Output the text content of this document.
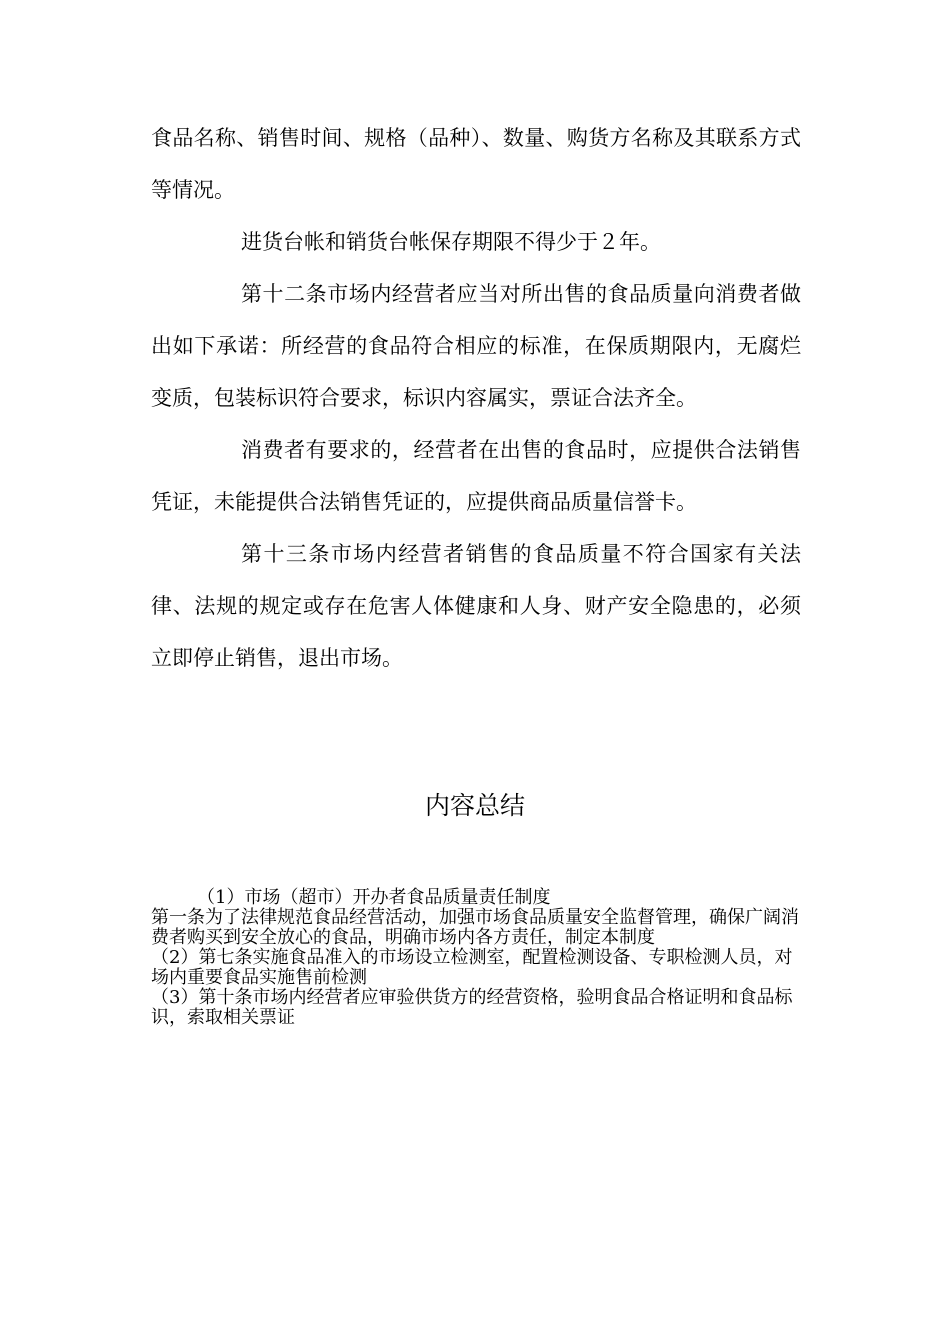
食品名称、销售时间、规格（品种）、数量、购货方名称及其联系方式等情况。

进货台帐和销货台帐保存期限不得少于２年。

第十二条市场内经营者应当对所出售的食品质量向消费者做出如下承诺：所经营的食品符合相应的标准，在保质期限内，无腐烂变质，包装标识符合要求，标识内容属实，票证合法齐全。

消费者有要求的，经营者在出售的食品时，应提供合法销售凭证，未能提供合法销售凭证的，应提供商品质量信誉卡。

第十三条市场内经营者销售的食品质量不符合国家有关法律、法规的规定或存在危害人体健康和人身、财产安全隐患的，必须立即停止销售，退出市场。

内容总结

（1）市场（超市）开办者食品质量责任制度

第一条为了法律规范食品经营活动，加强市场食品质量安全监督管理，确保广阔消费者购买到安全放心的食品，明确市场内各方责任，制定本制度

（2）第七条实施食品准入的市场设立检测室，配置检测设备、专职检测人员，对场内重要食品实施售前检测

（3）第十条市场内经营者应审验供货方的经营资格，验明食品合格证明和食品标识，索取相关票证
